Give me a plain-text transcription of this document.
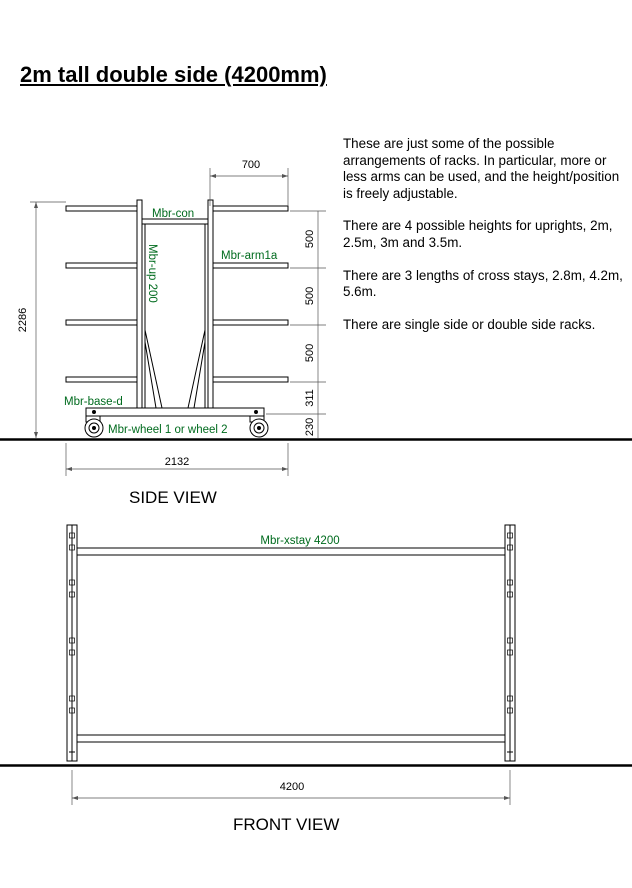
2m tall double side (4200mm)

These are just some of the possible arrangements of racks. In particular, more or less arms can be used, and the height/position is freely adjustable.

There are 4 possible heights for uprights, 2m, 2.5m, 3m and 3.5m.

There are 3 lengths of cross stays, 2.8m, 4.2m, 5.6m.

There are single side or double side racks.

700
2286
500
500
500
311
230
2132
Mbr-con
Mbr-up 200	Mbr-arm1a
Mbr-base-d
Mbr-wheel 1 or wheel 2
SIDE VIEW
Mbr-xstay 4200
4200
FRONT VIEW
